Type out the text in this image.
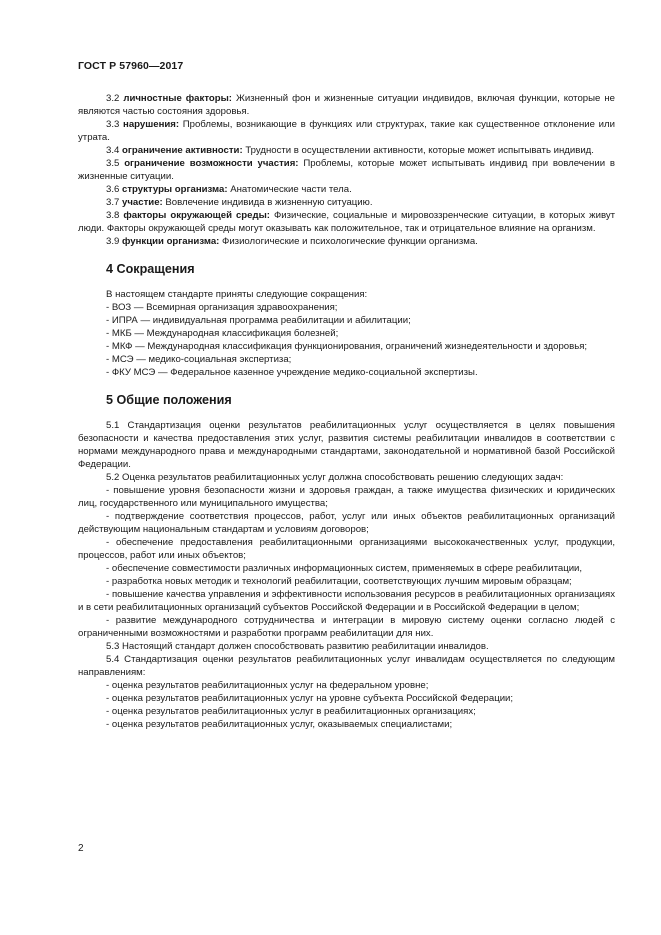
ГОСТ Р 57960—2017

3.2 личностные факторы: Жизненный фон и жизненные ситуации индивидов, включая функции, которые не являются частью состояния здоровья.

3.3 нарушения: Проблемы, возникающие в функциях или структурах, такие как существенное отклонение или утрата.

3.4 ограничение активности: Трудности в осуществлении активности, которые может испытывать индивид.

3.5 ограничение возможности участия: Проблемы, которые может испытывать индивид при вовлечении в жизненные ситуации.

3.6 структуры организма: Анатомические части тела.

3.7 участие: Вовлечение индивида в жизненную ситуацию.

3.8 факторы окружающей среды: Физические, социальные и мировоззренческие ситуации, в которых живут люди. Факторы окружающей среды могут оказывать как положительное, так и отрицательное влияние на организм.

3.9 функции организма: Физиологические и психологические функции организма.

4 Сокращения

В настоящем стандарте приняты следующие сокращения:

- ВОЗ — Всемирная организация здравоохранения;

- ИПРА — индивидуальная программа реабилитации и абилитации;

- МКБ — Международная классификация болезней;

- МКФ — Международная классификация функционирования, ограничений жизнедеятельности и здоровья;

- МСЭ — медико-социальная экспертиза;

- ФКУ МСЭ — Федеральное казенное учреждение медико-социальной экспертизы.

5 Общие положения

5.1 Стандартизация оценки результатов реабилитационных услуг осуществляется в целях повышения безопасности и качества предоставления этих услуг, развития системы реабилитации инвалидов в соответствии с нормами международного права и международными стандартами, законодательной и нормативной базой Российской Федерации.

5.2 Оценка результатов реабилитационных услуг должна способствовать решению следующих задач:

- повышение уровня безопасности жизни и здоровья граждан, а также имущества физических и юридических лиц, государственного или муниципального имущества;

- подтверждение соответствия процессов, работ, услуг или иных объектов реабилитационных организаций действующим национальным стандартам и условиям договоров;

- обеспечение предоставления реабилитационными организациями высококачественных услуг, продукции, процессов, работ или иных объектов;

- обеспечение совместимости различных информационных систем, применяемых в сфере реабилитации,

- разработка новых методик и технологий реабилитации, соответствующих лучшим мировым образцам;

- повышение качества управления и эффективности использования ресурсов в реабилитационных организациях и в сети реабилитационных организаций субъектов Российской Федерации и в Российской Федерации в целом;

- развитие международного сотрудничества и интеграции в мировую систему оценки согласно людей с ограниченными возможностями и разработки программ реабилитации для них.

5.3 Настоящий стандарт должен способствовать развитию реабилитации инвалидов.

5.4 Стандартизация оценки результатов реабилитационных услуг инвалидам осуществляется по следующим направлениям:

- оценка результатов реабилитационных услуг на федеральном уровне;

- оценка результатов реабилитационных услуг на уровне субъекта Российской Федерации;

- оценка результатов реабилитационных услуг в реабилитационных организациях;

- оценка результатов реабилитационных услуг, оказываемых специалистами;

2
